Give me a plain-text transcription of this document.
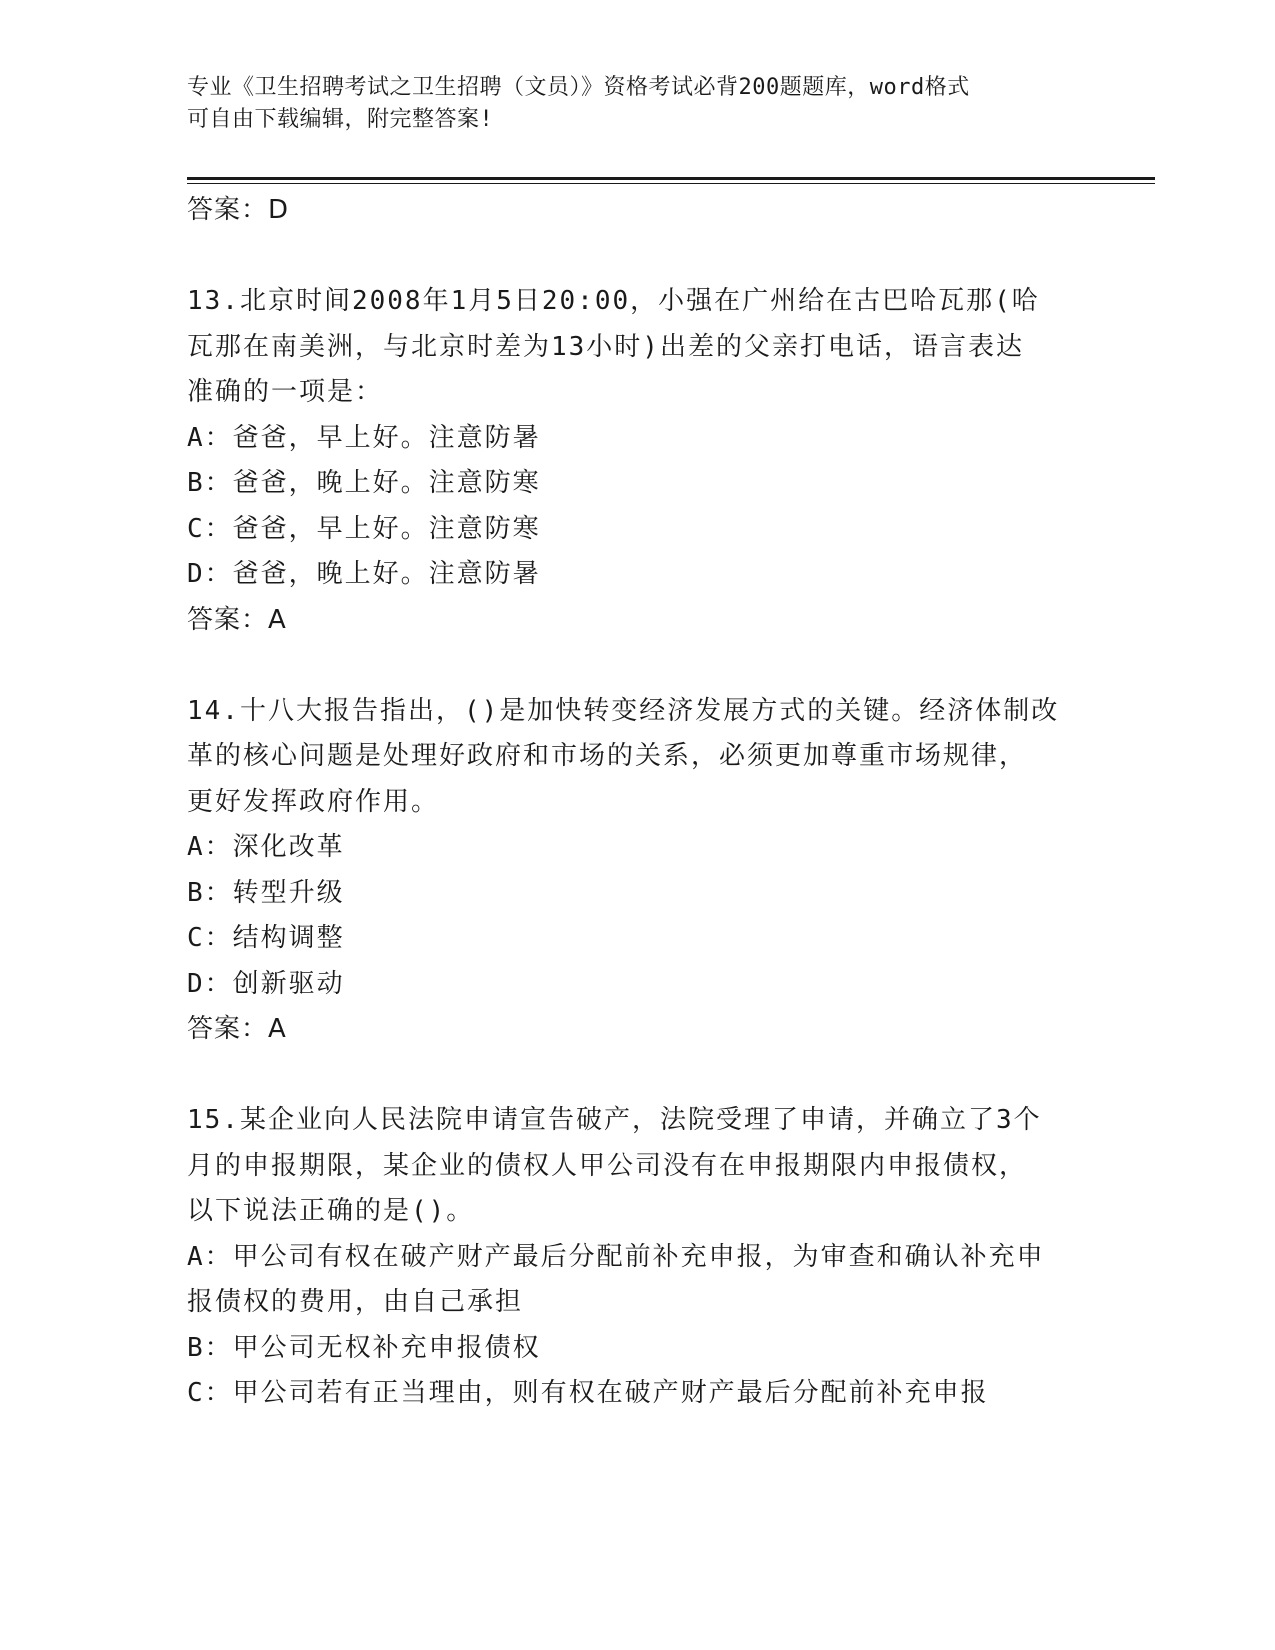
专业《卫生招聘考试之卫生招聘（文员）》资格考试必背200题题库，word格式

可自由下载编辑，附完整答案!

答案：D

13.北京时间2008年1月5日20:00，小强在广州给在古巴哈瓦那(哈

瓦那在南美洲，与北京时差为13小时)出差的父亲打电话，语言表达

准确的一项是：

A：爸爸，早上好。注意防暑

B：爸爸，晚上好。注意防寒

C：爸爸，早上好。注意防寒

D：爸爸，晚上好。注意防暑

答案：A

14.十八大报告指出，()是加快转变经济发展方式的关键。经济体制改

革的核心问题是处理好政府和市场的关系，必须更加尊重市场规律，

更好发挥政府作用。

A：深化改革

B：转型升级

C：结构调整

D：创新驱动

答案：A

15.某企业向人民法院申请宣告破产，法院受理了申请，并确立了3个

月的申报期限，某企业的债权人甲公司没有在申报期限内申报债权，

以下说法正确的是()。

A：甲公司有权在破产财产最后分配前补充申报，为审查和确认补充申

报债权的费用，由自己承担

B：甲公司无权补充申报债权

C：甲公司若有正当理由，则有权在破产财产最后分配前补充申报
